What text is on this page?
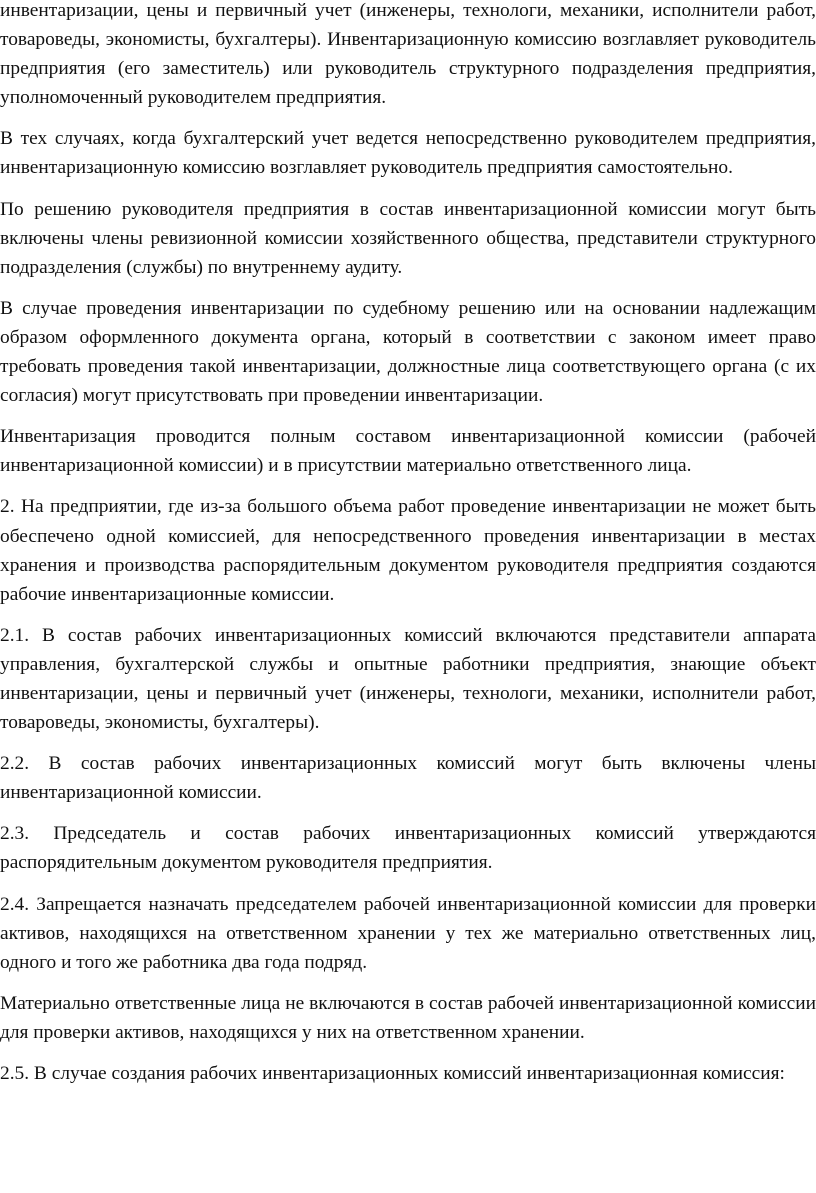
инвентаризации, цены и первичный учет (инженеры, технологи, механики, исполнители работ, товароведы, экономисты, бухгалтеры). Инвентаризационную комиссию возглавляет руководитель предприятия (его заместитель) или руководитель структурного подразделения предприятия, уполномоченный руководителем предприятия.

В тех случаях, когда бухгалтерский учет ведется непосредственно руководителем предприятия, инвентаризационную комиссию возглавляет руководитель предприятия самостоятельно.

По решению руководителя предприятия в состав инвентаризационной комиссии могут быть включены члены ревизионной комиссии хозяйственного общества, представители структурного подразделения (службы) по внутреннему аудиту.

В случае проведения инвентаризации по судебному решению или на основании надлежащим образом оформленного документа органа, который в соответствии с законом имеет право требовать проведения такой инвентаризации, должностные лица соответствующего органа (с их согласия) могут присутствовать при проведении инвентаризации.

Инвентаризация проводится полным составом инвентаризационной комиссии (рабочей инвентаризационной комиссии) и в присутствии материально ответственного лица.

2. На предприятии, где из-за большого объема работ проведение инвентаризации не может быть обеспечено одной комиссией, для непосредственного проведения инвентаризации в местах хранения и производства распорядительным документом руководителя предприятия создаются рабочие инвентаризационные комиссии.

2.1. В состав рабочих инвентаризационных комиссий включаются представители аппарата управления, бухгалтерской службы и опытные работники предприятия, знающие объект инвентаризации, цены и первичный учет (инженеры, технологи, механики, исполнители работ, товароведы, экономисты, бухгалтеры).

2.2. В состав рабочих инвентаризационных комиссий могут быть включены члены инвентаризационной комиссии.

2.3. Председатель и состав рабочих инвентаризационных комиссий утверждаются распорядительным документом руководителя предприятия.

2.4. Запрещается назначать председателем рабочей инвентаризационной комиссии для проверки активов, находящихся на ответственном хранении у тех же материально ответственных лиц, одного и того же работника два года подряд.

Материально ответственные лица не включаются в состав рабочей инвентаризационной комиссии для проверки активов, находящихся у них на ответственном хранении.

2.5. В случае создания рабочих инвентаризационных комиссий инвентаризационная комиссия:
